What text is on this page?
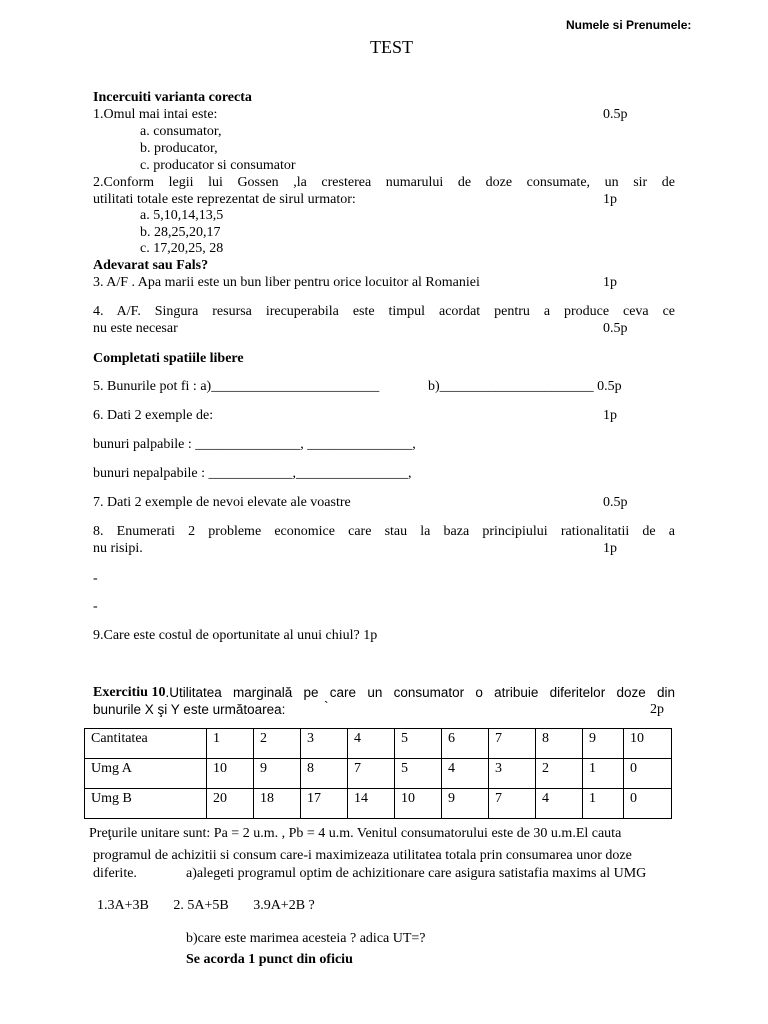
Numele si Prenumele:
TEST
Incercuiti varianta corecta
1.Omul mai intai este:	0.5p
a. consumator,
b. producator,
c. producator si consumator
2.Conform legii lui Gossen ,la cresterea numarului de doze consumate, un sir de
utilitati totale este reprezentat de sirul urmator:	1p
a. 5,10,14,13,5
b. 28,25,20,17
c. 17,20,25, 28
Adevarat sau Fals?
3. A/F . Apa marii este un bun liber pentru orice locuitor al Romaniei	1p
4. A/F. Singura resursa irecuperabila este timpul acordat pentru a produce ceva ce
nu este necesar	0.5p
Completati spatiile libere
5. Bunurile pot fi : a)________________________	b)______________________ 0.5p
6. Dati 2 exemple de:	1p
bunuri palpabile : _______________, _______________,
bunuri nepalpabile : ____________,________________,
7. Dati 2 exemple de nevoi elevate ale voastre	0.5p
8. Enumerati 2 probleme economice care stau la baza principiului rationalitatii de a
nu risipi.	1p
-
-
9.Care este costul de oportunitate al unui chiul? 1p
Exercitiu 10 .Utilitatea marginală pe care un consumator o atribuie diferitelor doze din
bunurile X şi Y este următoarea:	`	2p
Cantitatea	1	2	3	4	5	6	7	8	9	10
Umg A	10	9	8	7	5	4	3	2	1	0
Umg B	20	18	17	14	10	9	7	4	1	0
Preţurile unitare sunt: Pa = 2 u.m. , Pb = 4 u.m. Venitul consumatorului este de 30 u.m.El cauta
programul de achizitii si consum care-i maximizeaza utilitatea totala prin consumarea unor doze
diferite.	a)alegeti programul optim de achizitionare care asigura satistafia maxims al UMG
1.3A+3B       2. 5A+5B       3.9A+2B ?
b)care este marimea acesteia ? adica UT=?
Se acorda 1 punct din oficiu
